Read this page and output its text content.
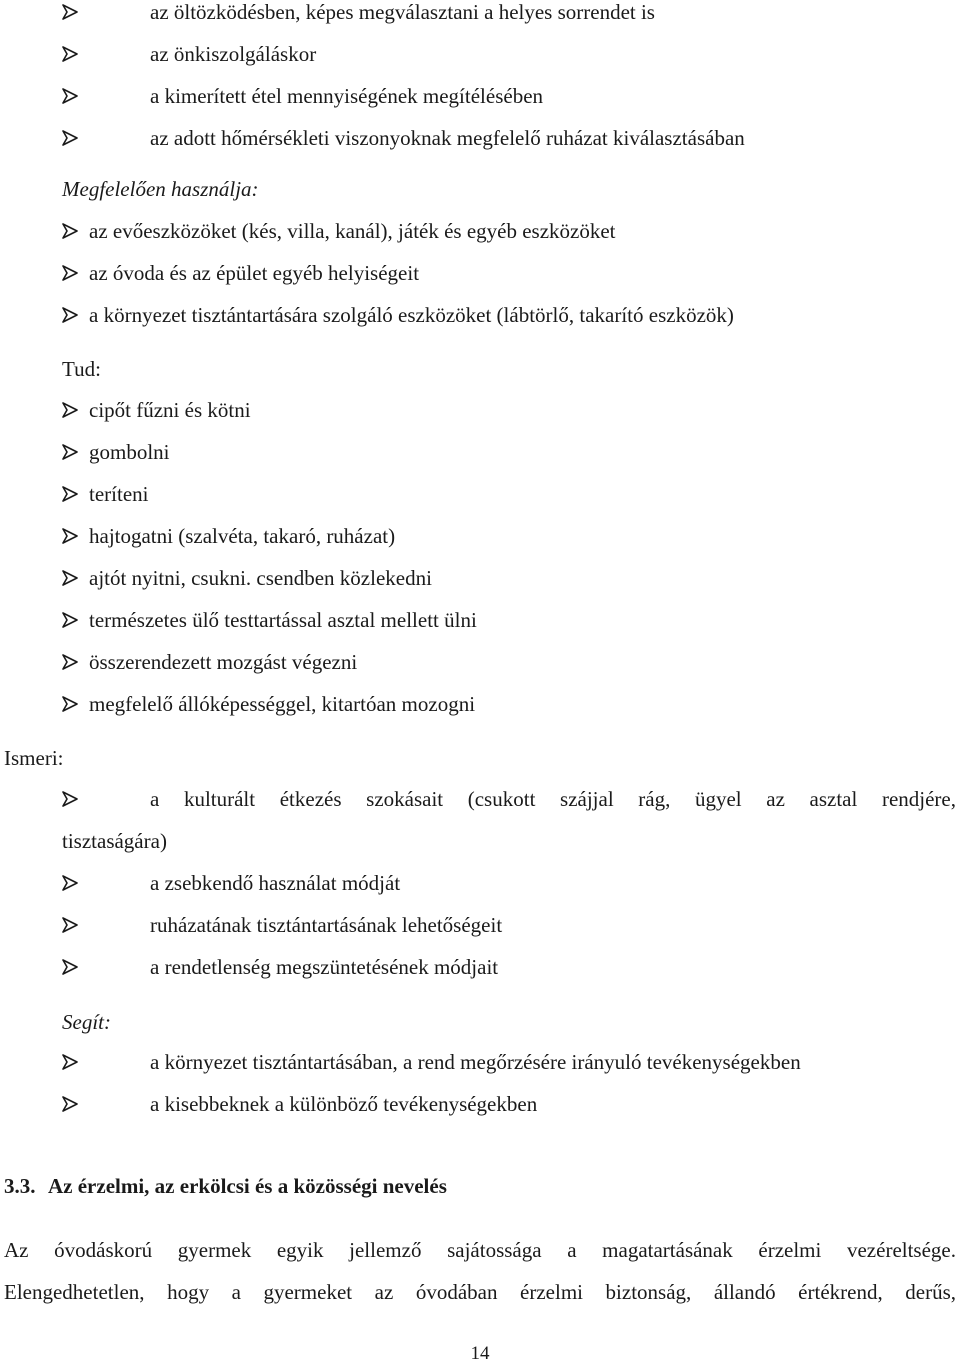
az öltözködésben, képes megválasztani a helyes sorrendet is
az önkiszolgáláskor
a kimerített étel mennyiségének megítélésében
az adott hőmérsékleti viszonyoknak megfelelő ruházat kiválasztásában
Megfelelően használja:
az evőeszközöket (kés, villa, kanál), játék és egyéb eszközöket
az óvoda és az épület egyéb helyiségeit
a környezet tisztántartására szolgáló eszközöket (lábtörlő, takarító eszközök)
Tud:
cipőt fűzni és kötni
gombolni
teríteni
hajtogatni (szalvéta, takaró, ruházat)
ajtót nyitni, csukni. csendben közlekedni
természetes ülő testtartással asztal mellett ülni
összerendezett mozgást végezni
megfelelő állóképességgel, kitartóan mozogni
Ismeri:
a kulturált étkezés szokásait (csukott szájjal rág, ügyel az asztal rendjére,
tisztaságára)
a zsebkendő használat módját
ruházatának tisztántartásának lehetőségeit
a rendetlenség megszüntetésének módjait
Segít:
a környezet tisztántartásában, a rend megőrzésére irányuló tevékenységekben
a kisebbeknek a különböző tevékenységekben
3.3. Az érzelmi, az erkölcsi és a közösségi nevelés
Az óvodáskorú gyermek egyik jellemző sajátossága a magatartásának érzelmi vezéreltsége.
Elengedhetetlen, hogy a gyermeket az óvodában érzelmi biztonság, állandó értékrend, derűs,
14
